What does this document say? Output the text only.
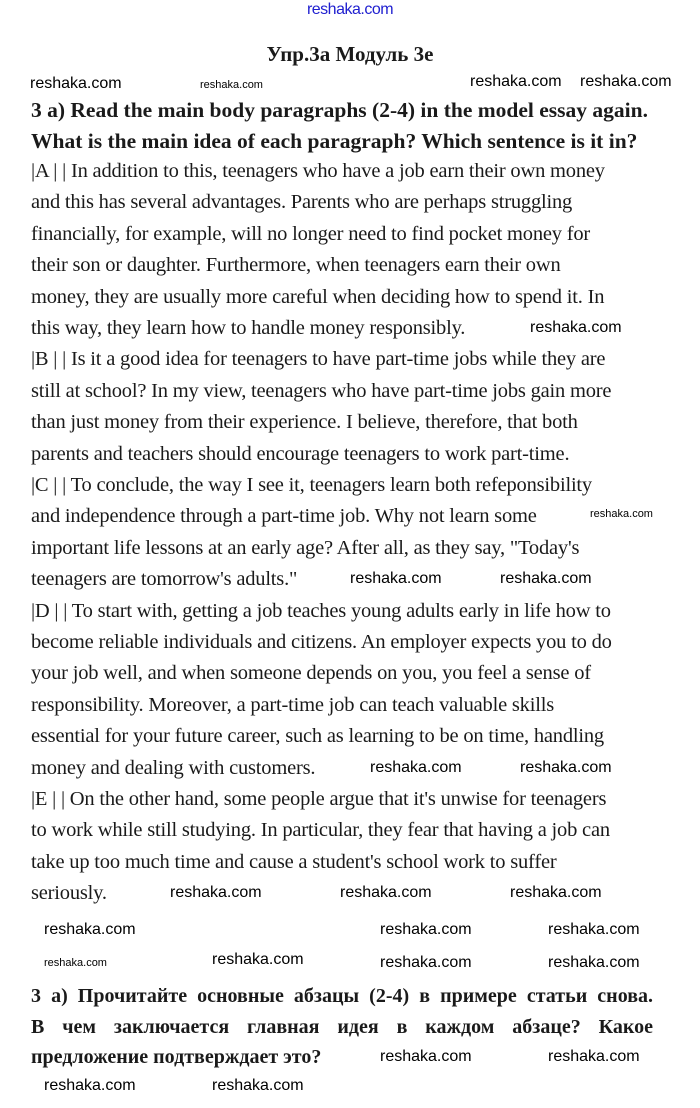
reshaka.com
Упр.3а Модуль 3е
3 a) Read the main body paragraphs (2-4) in the model essay again.
What is the main idea of each paragraph? Which sentence is it in?
|A | | In addition to this, teenagers who have a job earn their own money
and this has several advantages. Parents who are perhaps struggling
financially, for example, will no longer need to find pocket money for
their son or daughter. Furthermore, when teenagers earn their own
money, they are usually more careful when deciding how to spend it. In
this way, they learn how to handle money responsibly.
|B | | Is it a good idea for teenagers to have part-time jobs while they are
still at school? In my view, teenagers who have part-time jobs gain more
than just money from their experience. I believe, therefore, that both
parents and teachers should encourage teenagers to work part-time.
|C | | To conclude, the way I see it, teenagers learn both refeponsibility
and independence through a part-time job. Why not learn some
important life lessons at an early age? After all, as they say, "Today's
teenagers are tomorrow's adults."
|D | | To start with, getting a job teaches young adults early in life how to
become reliable individuals and citizens. An employer expects you to do
your job well, and when someone depends on you, you feel a sense of
responsibility. Moreover, a part-time job can teach valuable skills
essential for your future career, such as learning to be on time, handling
money and dealing with customers.
|E | | On the other hand, some people argue that it's unwise for teenagers
to work while still studying. In particular, they fear that having a job can
take up too much time and cause a student's school work to suffer
seriously.
3 а) Прочитайте основные абзацы (2-4) в примере статьи снова.
В чем заключается главная идея в каждом абзаце? Какое
предложение подтверждает это?
reshaka.com	reshaka.com	reshaka.com reshaka.com
reshaka.com
reshaka.com
reshaka.com	reshaka.com
reshaka.com	reshaka.com
reshaka.com	reshaka.com	reshaka.com
reshaka.com	reshaka.com	reshaka.com
reshaka.com
reshaka.com	reshaka.com	reshaka.com
reshaka.com	reshaka.com
reshaka.com	reshaka.com
